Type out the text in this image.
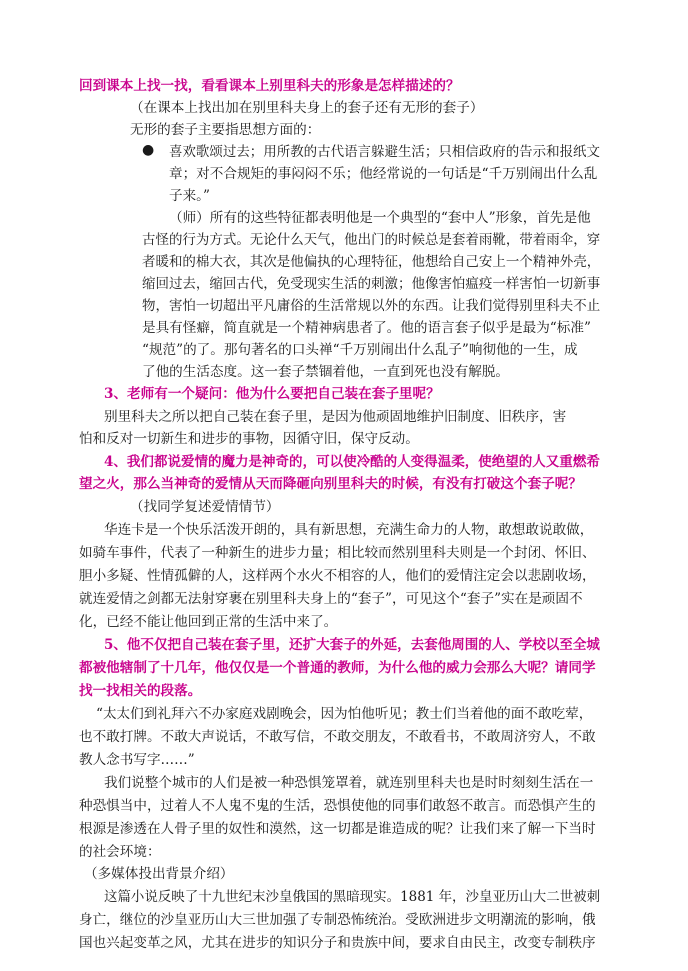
回到课本上找一找，看看课本上别里科夫的形象是怎样描述的？
（在课本上找出加在别里科夫身上的套子还有无形的套子）
无形的套子主要指思想方面的：
● 喜欢歌颂过去；用所教的古代语言躲避生活；只相信政府的告示和报纸文
章；对不合规矩的事闷闷不乐；他经常说的一句话是“千万别闹出什么乱
子来。”
（师）所有的这些特征都表明他是一个典型的“套中人”形象，首先是他
古怪的行为方式。无论什么天气，他出门的时候总是套着雨靴，带着雨伞，穿
者暖和的棉大衣，其次是他偏执的心理特征，他想给自己安上一个精神外壳，
缩回过去，缩回古代，免受现实生活的刺激；他像害怕瘟疫一样害怕一切新事
物，害怕一切超出平凡庸俗的生活常规以外的东西。让我们觉得别里科夫不止
是具有怪癖，简直就是一个精神病患者了。他的语言套子似乎是最为“标准”
“规范”的了。那句著名的口头禅“千万别闹出什么乱子”响彻他的一生，成
了他的生活态度。这一套子禁锢着他，一直到死也没有解脱。
3、老师有一个疑问：他为什么要把自己装在套子里呢？
别里科夫之所以把自己装在套子里，是因为他顽固地维护旧制度、旧秩序，害
怕和反对一切新生和进步的事物，因循守旧，保守反动。
4、我们都说爱情的魔力是神奇的，可以使冷酷的人变得温柔，使绝望的人又重燃希
望之火，那么当神奇的爱情从天而降砸向别里科夫的时候，有没有打破这个套子呢？
（找同学复述爱情情节）
华连卡是一个快乐活泼开朗的，具有新思想，充满生命力的人物，敢想敢说敢做，
如骑车事件，代表了一种新生的进步力量；相比较而然别里科夫则是一个封闭、怀旧、
胆小多疑、性情孤僻的人，这样两个水火不相容的人，他们的爱情注定会以悲剧收场，
就连爱情之剑都无法射穿裹在别里科夫身上的“套子”，可见这个“套子”实在是顽固不
化，已经不能让他回到正常的生活中来了。
5、他不仅把自己装在套子里，还扩大套子的外延，去套他周围的人、学校以至全城
都被他辖制了十几年，他仅仅是一个普通的教师，为什么他的威力会那么大呢？请同学
找一找相关的段落。
“太太们到礼拜六不办家庭戏剧晚会，因为怕他听见；教士们当着他的面不敢吃荤，
也不敢打牌。不敢大声说话，不敢写信，不敢交朋友，不敢看书，不敢周济穷人，不敢
教人念书写字……”
我们说整个城市的人们是被一种恐惧笼罩着，就连别里科夫也是时时刻刻生活在一
种恐惧当中，过着人不人鬼不鬼的生活，恐惧使他的同事们敢怒不敢言。而恐惧产生的
根源是渗透在人骨子里的奴性和漠然，这一切都是谁造成的呢？让我们来了解一下当时
的社会环境：
（多媒体投出背景介绍）
这篇小说反映了十九世纪末沙皇俄国的黑暗现实。1881 年，沙皇亚历山大二世被刺
身亡，继位的沙皇亚历山大三世加强了专制恐怖统治。受欧洲进步文明潮流的影响，俄
国也兴起变革之风，尤其在进步的知识分子和贵族中间，要求自由民主，改变专制秩序
